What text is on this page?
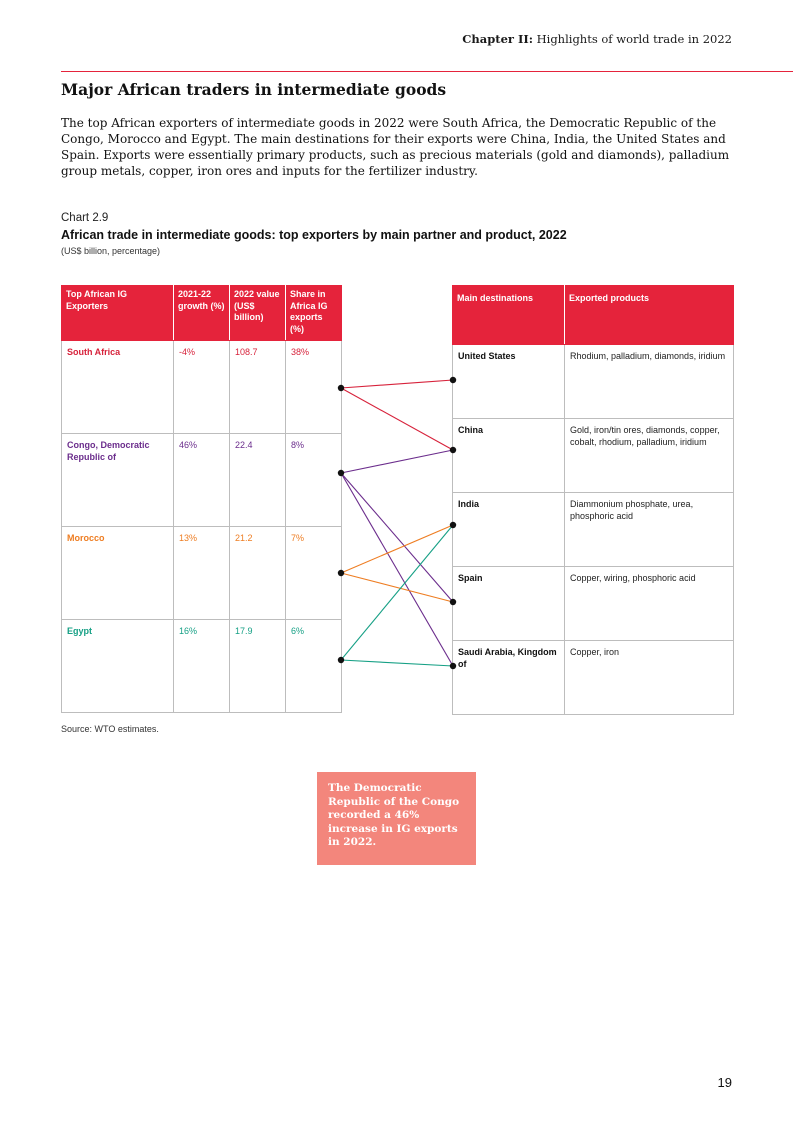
Chapter II: Highlights of world trade in 2022
Major African traders in intermediate goods

The top African exporters of intermediate goods in 2022 were South Africa, the Democratic Republic of the Congo, Morocco and Egypt. The main destinations for their exports were China, India, the United States and Spain. Exports were essentially primary products, such as precious materials (gold and diamonds), palladium group metals, copper, iron ores and inputs for the fertilizer industry.

Chart 2.9
African trade in intermediate goods: top exporters by main partner and product, 2022
(US$ billion, percentage)
Top African IG Exporters	2021-22 growth (%)	2022 value (US$ billion)	Share in Africa IG exports (%)
South Africa	-4%	108.7	38%
Congo, Democratic Republic of	46%	22.4	8%
Morocco	13%	21.2	7%
Egypt	16%	17.9	6%
Main destinations	Exported products
United States	Rhodium, palladium, diamonds, iridium
China	Gold, iron/tin ores, diamonds, copper, cobalt, rhodium, palladium, iridium
India	Diammonium phosphate, urea, phosphoric acid
Spain	Copper, wiring, phosphoric acid
Saudi Arabia, Kingdom of	Copper, iron
Source: WTO estimates.
The Democratic Republic of the Congo recorded a 46% increase in IG exports in 2022.
19
